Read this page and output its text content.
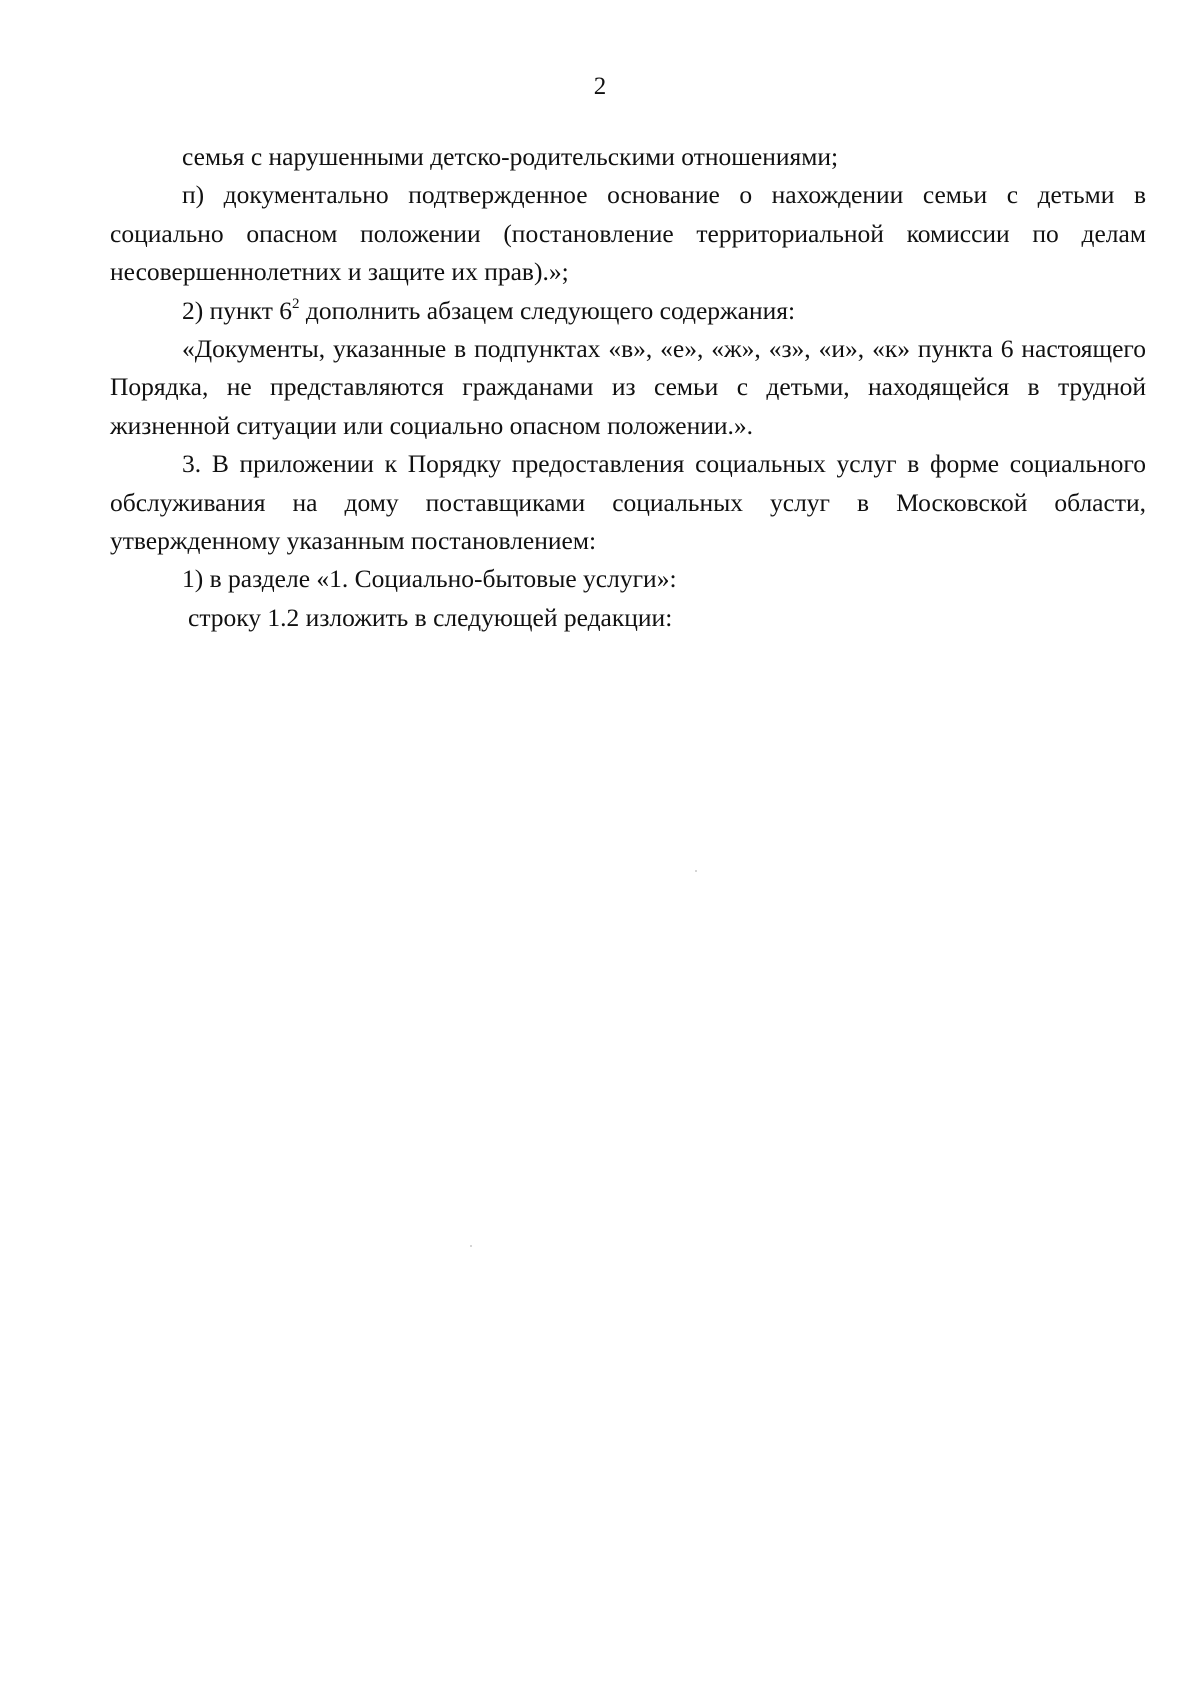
2

семья с нарушенными детско-родительскими отношениями;

п) документально подтвержденное основание о нахождении семьи с детьми в социально опасном положении (постановление территориальной комиссии по делам несовершеннолетних и защите их прав).»;

2) пункт $6^2$ дополнить абзацем следующего содержания:

«Документы, указанные в подпунктах «в», «е», «ж», «з», «и», «к» пункта 6 настоящего Порядка, не представляются гражданами из семьи с детьми, находящейся в трудной жизненной ситуации или социально опасном положении.».

3. В приложении к Порядку предоставления социальных услуг в форме социального обслуживания на дому поставщиками социальных услуг в Московской области, утвержденному указанным постановлением:

1) в разделе «1. Социально-бытовые услуги»:

строку 1.2 изложить в следующей редакции:
